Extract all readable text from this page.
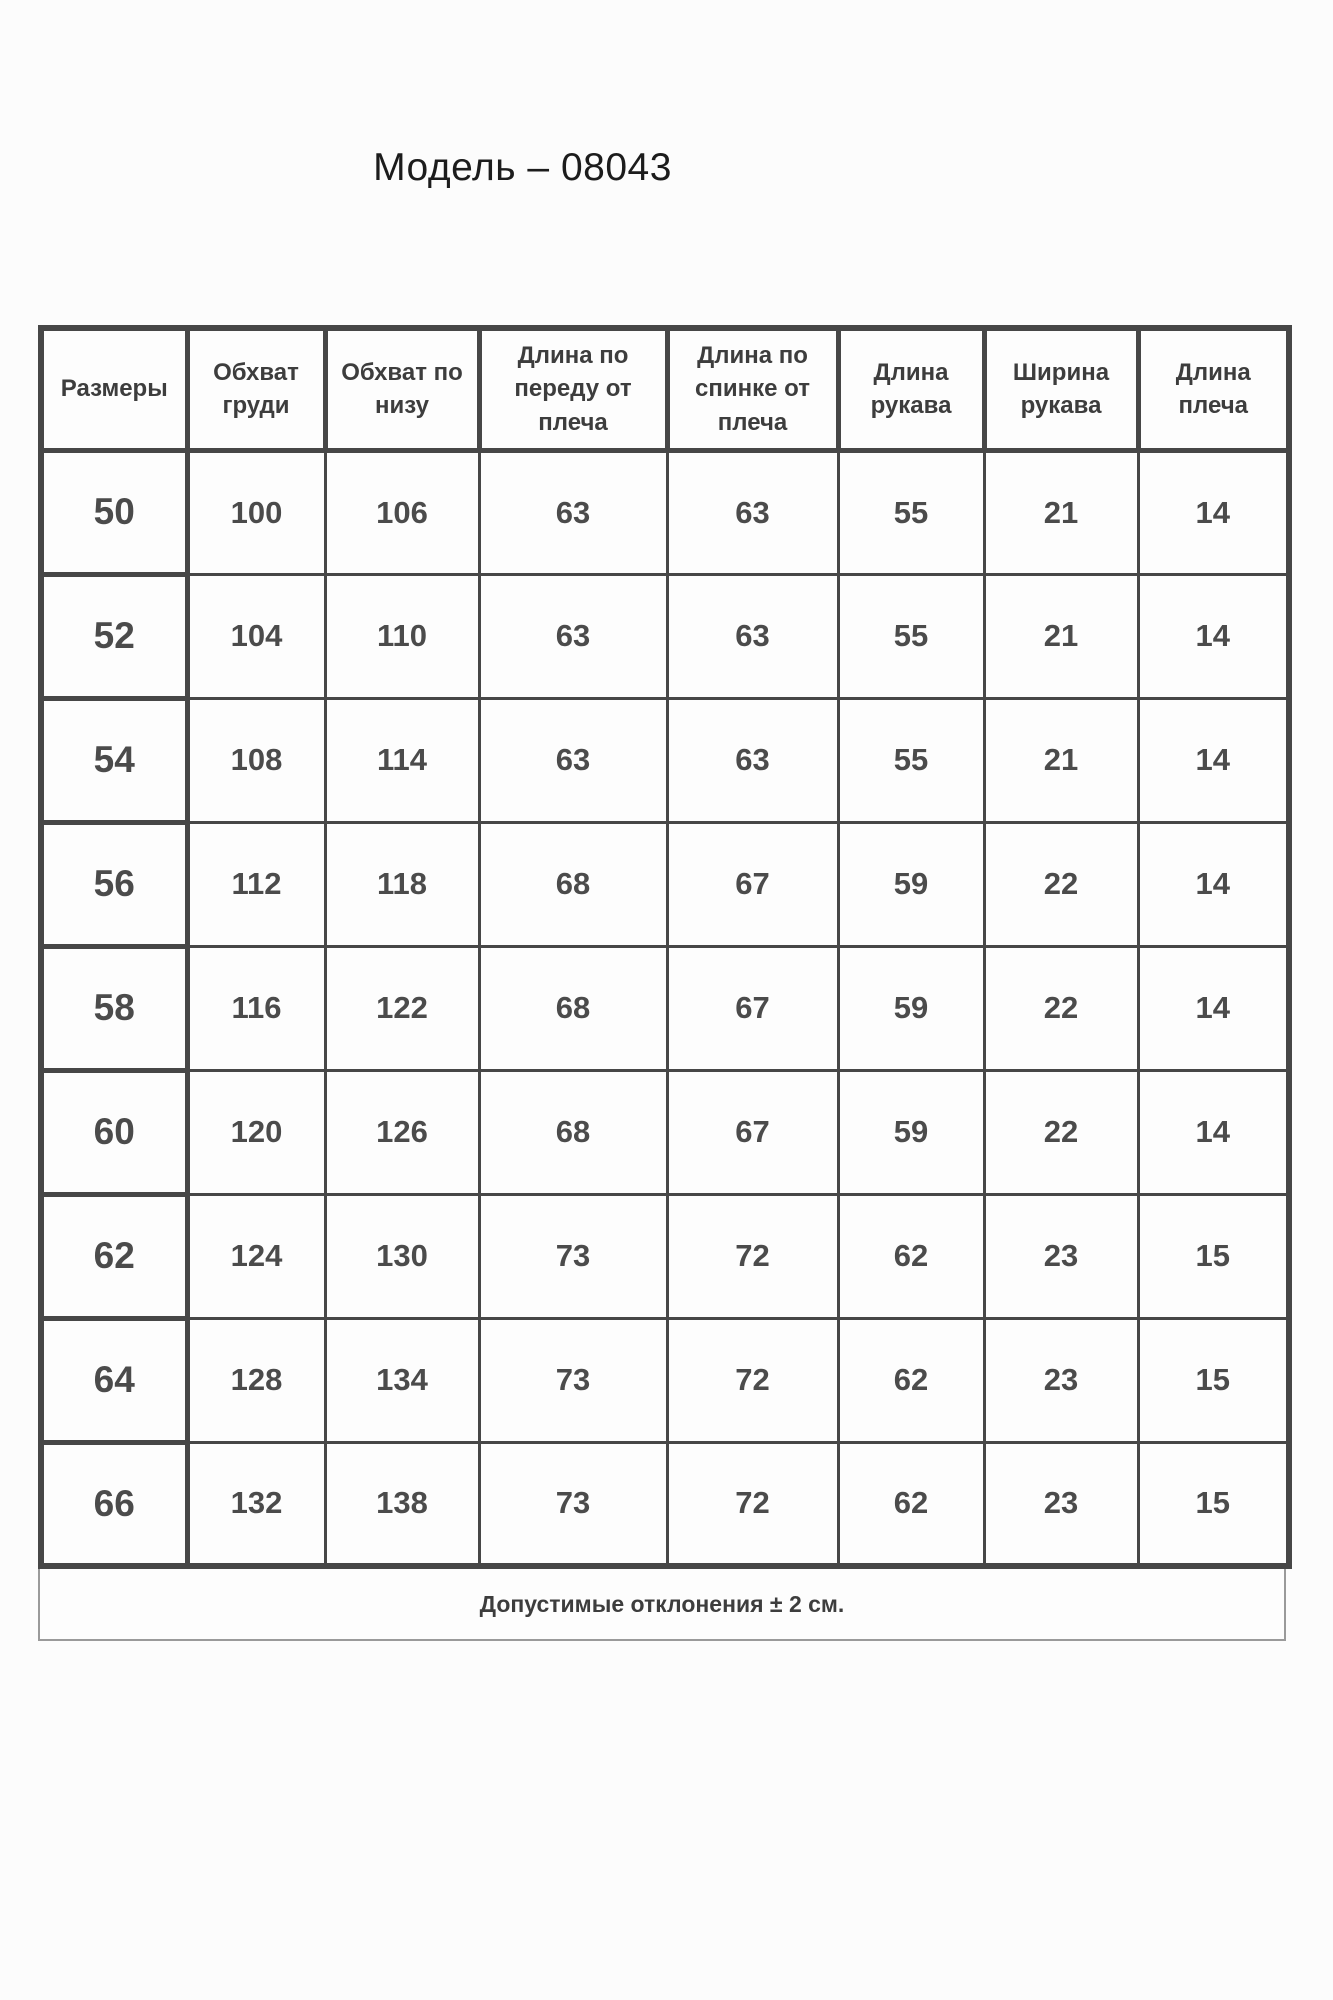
Модель – 08043
Размеры	Обхват груди	Обхват по низу	Длина по переду от плеча	Длина по спинке от плеча	Длина рукава	Ширина рукава	Длина плеча
50	100	106	63	63	55	21	14
52	104	110	63	63	55	21	14
54	108	114	63	63	55	21	14
56	112	118	68	67	59	22	14
58	116	122	68	67	59	22	14
60	120	126	68	67	59	22	14
62	124	130	73	72	62	23	15
64	128	134	73	72	62	23	15
66	132	138	73	72	62	23	15
Допустимые отклонения ± 2 см.
